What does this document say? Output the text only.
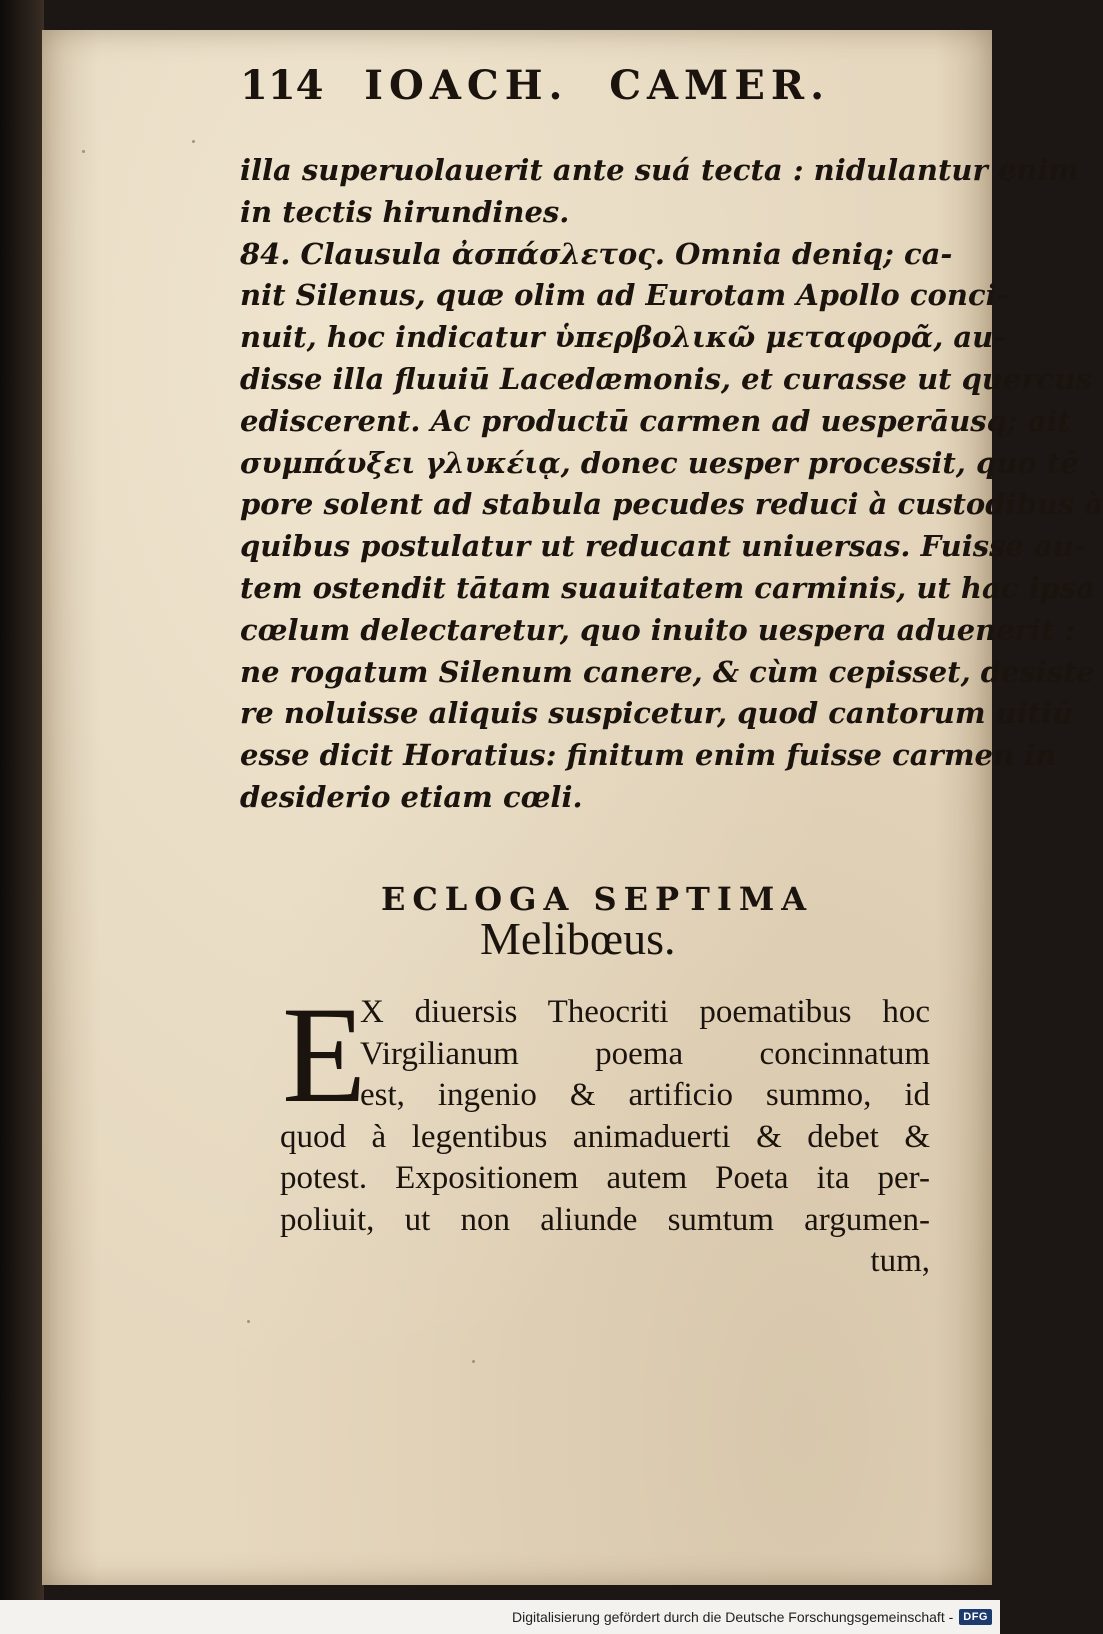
114 IOACH. CAMER.
illa superuolauerit ante suá tecta : nidulantur enim
in tectis hirundines.
84. Clausula ἀσπάσλετος. Omnia deniq; ca-
nit Silenus, quæ olim ad Eurotam Apollo conci-
nuit, hoc indicatur ὑπερβολικῶ μεταφορᾶ, au-
disse illa fluuiū Lacedæmonis, et curasse ut quercus
ediscerent. Ac productū carmen ad uesperāusq; ait
συμπάυξει γλυκέιᾳ, donec uesper processit, quo tē
pore solent ad stabula pecudes reduci à custodibus à
quibus postulatur ut reducant uniuersas. Fuisse au-
tem ostendit tātam suauitatem carminis, ut hac ipsa
cœlum delectaretur, quo inuito uespera aduenerit :
ne rogatum Silenum canere, & cùm cepisset, desiste
re noluisse aliquis suspicetur, quod cantorum uitiū
esse dicit Horatius: finitum enim fuisse carmen in
desiderio etiam cœli.
ECLOGA SEPTIMA
Melibœus.
E
X diuersis Theocriti poematibus hoc
Virgilianum poema concinnatum
est, ingenio & artificio summo, id
quod à legentibus animaduerti & debet &
potest. Expositionem autem Poeta ita per-
poliuit, ut non aliunde sumtum argumen-
tum,
Digitalisierung gefördert durch die Deutsche Forschungsgemeinschaft - DFG
